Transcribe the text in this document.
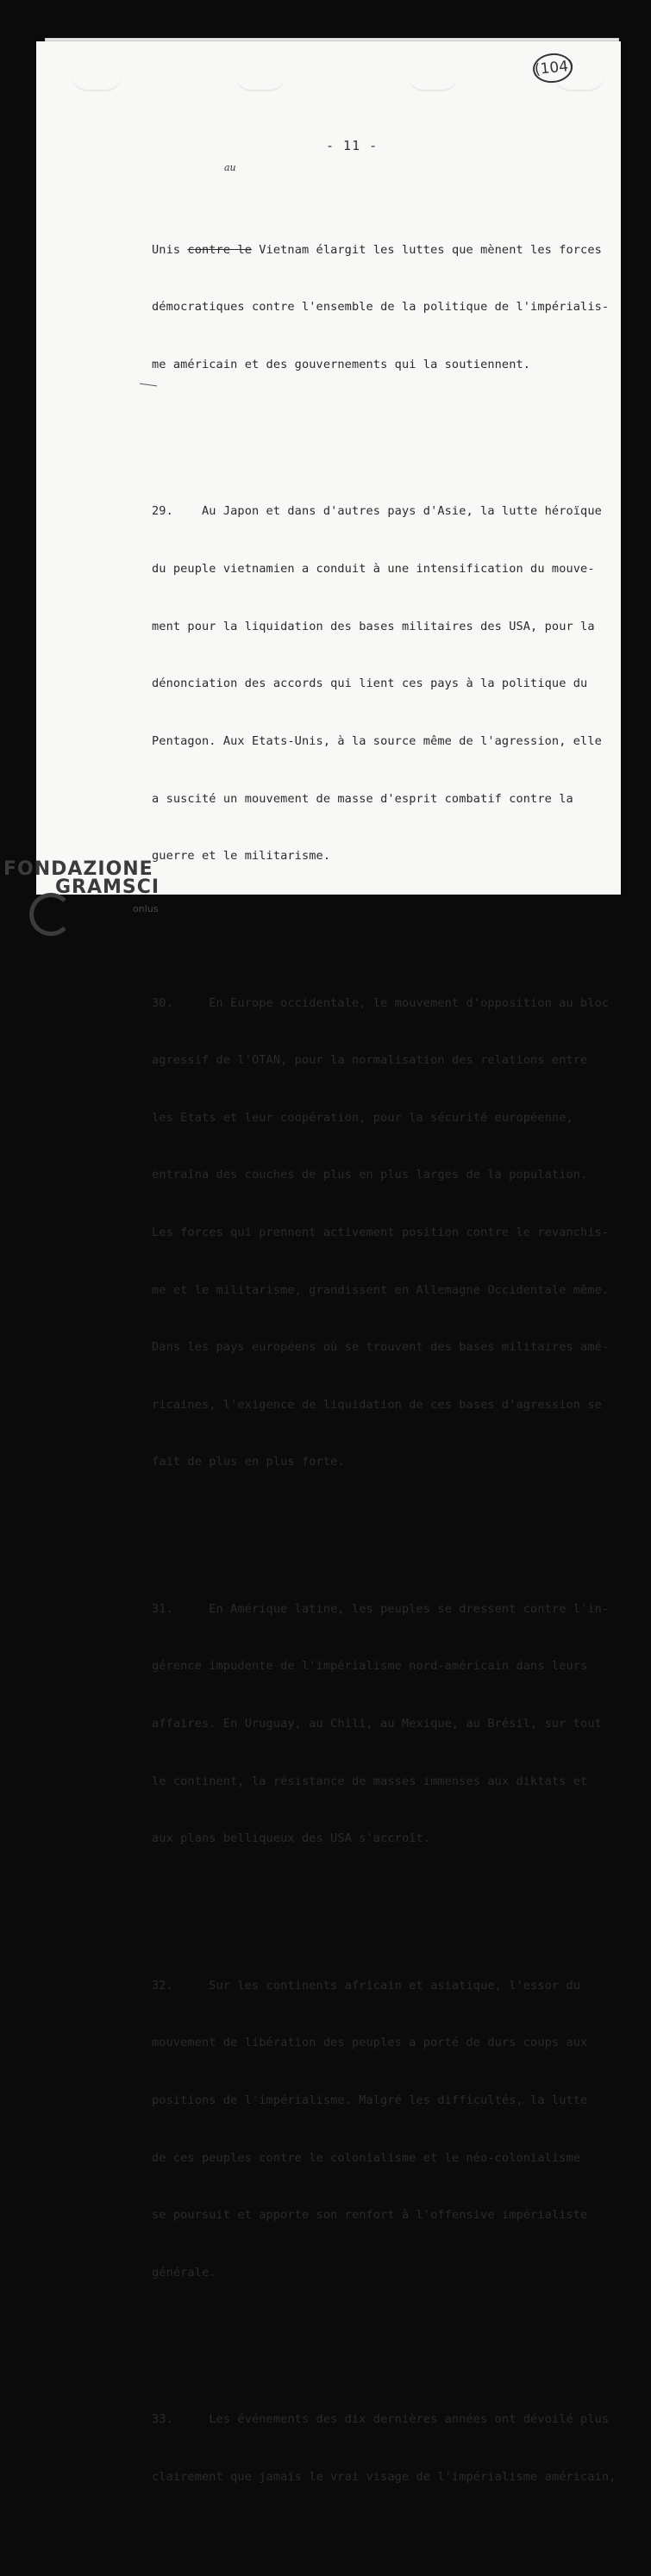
(104)
- 11 -
au

Unis contre le Vietnam élargit les luttes que mènent les forces

démocratiques contre l'ensemble de la politique de l'impérialis-

me américain et des gouvernements qui la soutiennent.

29.    Au Japon et dans d'autres pays d'Asie, la lutte héroïque

du peuple vietnamien a conduit à une intensification du mouve-

ment pour la liquidation des bases militaires des USA, pour la

dénonciation des accords qui lient ces pays à la politique du

Pentagon. Aux Etats-Unis, à la source même de l'agression, elle

a suscité un mouvement de masse d'esprit combatif contre la

guerre et le militarisme.

30.     En Europe occidentale, le mouvement d'opposition au bloc

agressif de l'OTAN, pour la normalisation des relations entre

les Etats et leur coopération, pour la sécurité européenne,

entraîna des couches de plus en plus larges de la population.

Les forces qui prennent activement position contre le revanchis-

me et le militarisme, grandissent en Allemagne Occidentale même.

Dans les pays européens où se trouvent des bases militaires amé-

ricaines, l'exigence de liquidation de ces bases d'agression se

fait de plus en plus forte.

31.     En Amérique latine, les peuples se dressent contre l'in-

gérence impudente de l'impérialisme nord-américain dans leurs

affaires. En Uruguay, au Chili, au Mexique, au Brésil, sur tout

le continent, la résistance de masses immenses aux diktats et

aux plans belliqueux des USA s'accroît.

32.     Sur les continents africain et asiatique, l'essor du

mouvement de libération des peuples a porté de durs coups aux

positions de l'impérialisme. Malgré les difficultés, la lutte

de ces peuples contre le colonialisme et le néo-colonialisme

se poursuit et apporte son renfort à l'offensive impérialiste

générale.

33.     Les événements des dix dernières années ont dévoilé plus

clairement que jamais le vrai visage de l'impérialisme américain,

FONDAZIONE
GRAMSCI
onlus
